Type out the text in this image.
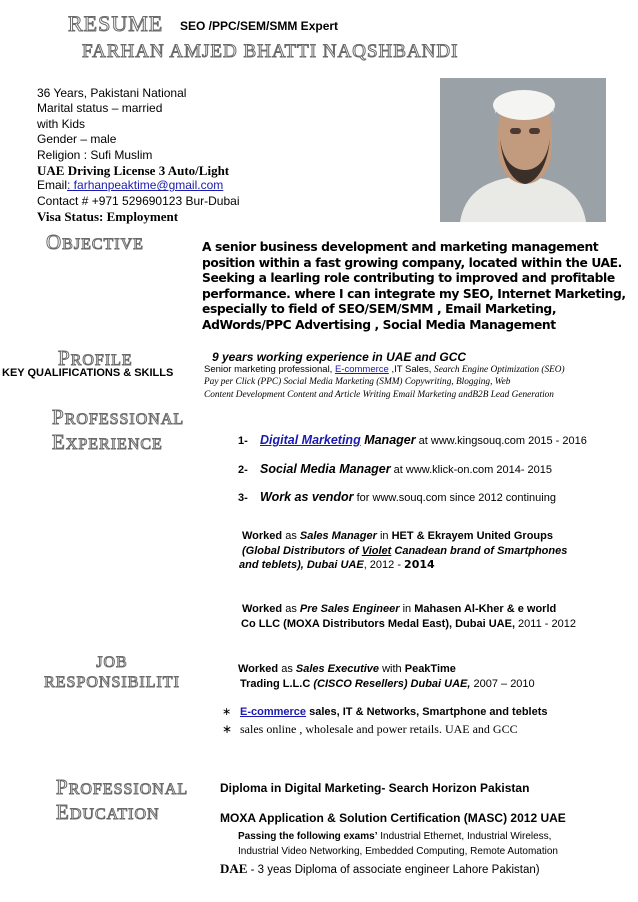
RESUME SEO /PPC/SEM/SMM Expert
FARHAN AMJED BHATTI NAQSHBANDI
36 Years, Pakistani National
Marital status – married
with Kids
Gender – male
Religion : Sufi Muslim
UAE Driving License 3 Auto/Light
Email: farhanpeaktime@gmail.com
Contact # +971 529690123 Bur-Dubai
Visa Status: Employment
OBJECTIVE	A senior business development and marketing management
position within a fast growing company, located within the UAE.
Seeking a learling role contributing to improved and profitable
performance. where I can integrate my SEO, Internet Marketing,
especially to field of SEO/SEM/SMM , Email Marketing,
AdWords/PPC Advertising , Social Media Management
PROFILE
KEY QUALIFICATIONS & SKILLS
9 years working experience in UAE and GCC
Senior marketing professional, E-commerce ,IT Sales, Search Engine Optimization (SEO)
Pay per Click (PPC) Social Media Marketing (SMM) Copywriting, Blogging, Web
Content Development Content and Article Writing Email Marketing andB2B Lead Generation
PROFESSIONAL
EXPERIENCE	1- Digital Marketing Manager at www.kingsouq.com 2015 - 2016
2- Social Media Manager at www.klick-on.com 2014- 2015
3- Work as vendor for www.souq.com since 2012 continuing
Worked as Sales Manager in HET & Ekrayem United Groups
(Global Distributors of Violet Canadean brand of Smartphones
and teblets), Dubai UAE, 2012 - 2014
Worked as Pre Sales Engineer in Mahasen Al-Kher & e world
Co LLC (MOXA Distributors Medal East), Dubai UAE, 2011 - 2012
JOB
RESPONSIBILITI
Worked as Sales Executive with PeakTime
Trading L.L.C (CISCO Resellers) Dubai UAE, 2007 – 2010
∗ E-commerce sales, IT & Networks, Smartphone and teblets
∗ sales online , wholesale and power retails. UAE and GCC
PROFESSIONAL
EDUCATION
Diploma in Digital Marketing- Search Horizon Pakistan
MOXA Application & Solution Certification (MASC) 2012 UAE
Passing the following exams’ Industrial Ethernet, Industrial Wireless,
Industrial Video Networking, Embedded Computing, Remote Automation
DAE - 3 yeas Diploma of associate engineer Lahore Pakistan)
